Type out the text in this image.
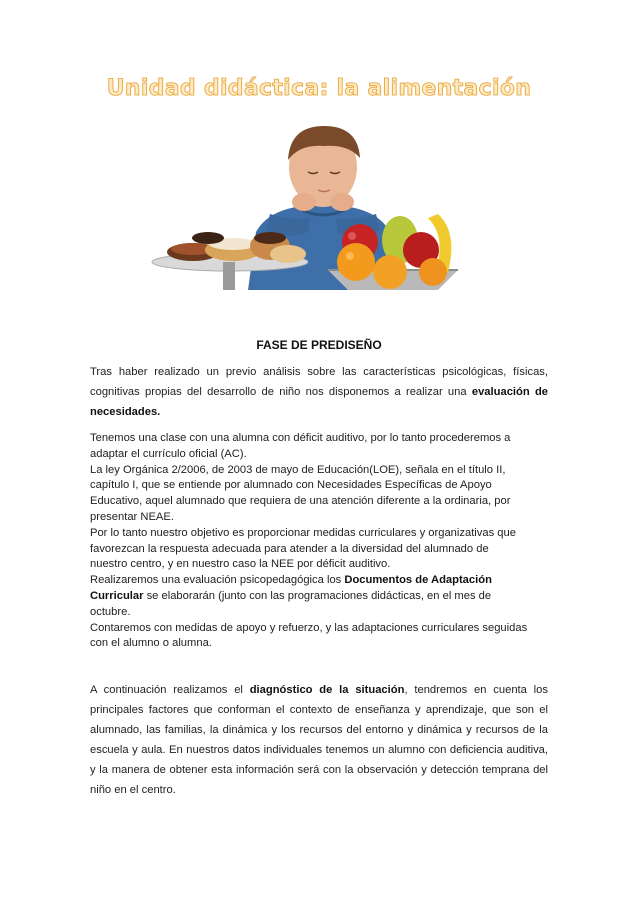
Unidad didáctica: la alimentación
FASE DE PREDISEÑO
Tras haber realizado un previo análisis sobre las características psicológicas, físicas, cognitivas propias del desarrollo de niño nos disponemos a realizar una evaluación de necesidades.
Tenemos una clase con una alumna con déficit auditivo, por lo tanto procederemos a
adaptar el currículo oficial (AC).
La ley Orgánica 2/2006, de 2003 de mayo de Educación(LOE), señala en el título II,
capítulo I, que se entiende por alumnado con Necesidades Específicas de Apoyo
Educativo, aquel alumnado que requiera de una atención diferente a la ordinaria, por
presentar NEAE.
Por lo tanto nuestro objetivo es proporcionar medidas curriculares y organizativas que
favorezcan la respuesta adecuada para atender a la diversidad del alumnado de
nuestro centro, y en nuestro caso la NEE por déficit auditivo.
Realizaremos una evaluación psicopedagógica los Documentos de Adaptación
Curricular se elaborarán (junto con las programaciones didácticas, en el mes de
octubre.
Contaremos con medidas de apoyo y refuerzo, y las adaptaciones curriculares seguidas
con el alumno o alumna.
A continuación realizamos el diagnóstico de la situación, tendremos en cuenta los principales factores que conforman el contexto de enseñanza y aprendizaje, que son el alumnado, las familias, la dinámica y los recursos del entorno y dinámica y recursos de la escuela y aula. En nuestros datos individuales tenemos un alumno con deficiencia auditiva, y la manera de obtener esta información será con la observación y detección temprana del niño en el centro.
